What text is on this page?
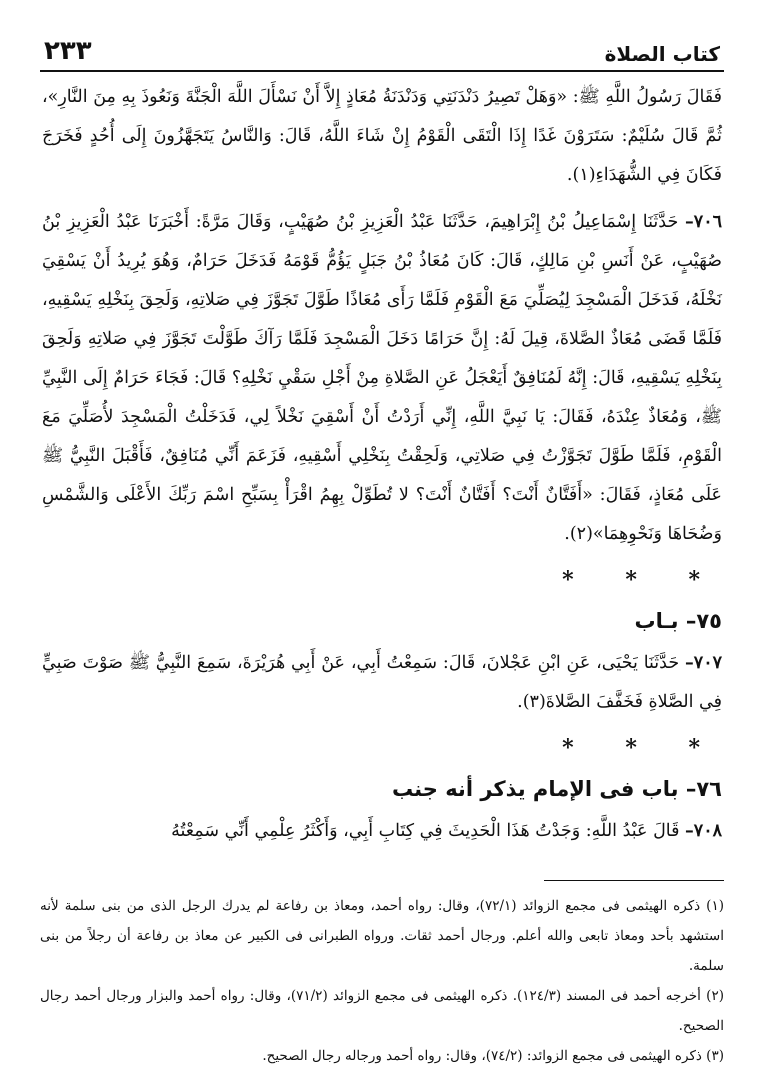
كتاب الصلاة
٢٣٣

فَقَالَ رَسُولُ اللَّهِ ﷺ: «وَهَلْ تَصِيرُ دَنْدَنَتِي وَدَنْدَنَةُ مُعَاذٍ إِلاَّ أَنْ نَسْأَلَ اللَّهَ الْجَنَّةَ وَنَعُوذَ بِهِ مِنَ النَّارِ»، ثُمَّ قَالَ سُلَيْمٌ: سَتَرَوْنَ غَدًا إِذَا الْتَقَى الْقَوْمُ إِنْ شَاءَ اللَّهُ، قَالَ: وَالنَّاسُ يَتَجَهَّزُونَ إِلَى أُحُدٍ فَخَرَجَ فَكَانَ فِي الشُّهَدَاءِ(١).

٧٠٦– حَدَّثَنَا إِسْمَاعِيلُ بْنُ إِبْرَاهِيمَ، حَدَّثَنَا عَبْدُ الْعَزِيزِ بْنُ صُهَيْبٍ، وَقَالَ مَرَّةً: أَخْبَرَنَا عَبْدُ الْعَزِيزِ بْنُ صُهَيْبٍ، عَنْ أَنَسِ بْنِ مَالِكٍ، قَالَ: كَانَ مُعَاذُ بْنُ جَبَلٍ يَؤُمُّ قَوْمَهُ فَدَخَلَ حَرَامٌ، وَهُوَ يُرِيدُ أَنْ يَسْقِيَ نَخْلَهُ، فَدَخَلَ الْمَسْجِدَ لِيُصَلِّيَ مَعَ الْقَوْمِ فَلَمَّا رَأَى مُعَاذًا طَوَّلَ تَجَوَّزَ فِي صَلاتِهِ، وَلَحِقَ بِنَخْلِهِ يَسْقِيهِ، فَلَمَّا قَضَى مُعَاذٌ الصَّلاةَ، قِيلَ لَهُ: إِنَّ حَرَامًا دَخَلَ الْمَسْجِدَ فَلَمَّا رَآكَ طَوَّلْتَ تَجَوَّزَ فِي صَلاتِهِ وَلَحِقَ بِنَخْلِهِ يَسْقِيهِ، قَالَ: إِنَّهُ لَمُنَافِقٌ أَيَعْجَلُ عَنِ الصَّلاةِ مِنْ أَجْلِ سَقْيِ نَخْلِهِ؟ قَالَ: فَجَاءَ حَرَامٌ إِلَى النَّبِيِّ ﷺ، وَمُعَاذٌ عِنْدَهُ، فَقَالَ: يَا نَبِيَّ اللَّهِ، إِنِّي أَرَدْتُ أَنْ أَسْقِيَ نَخْلاً لِي، فَدَخَلْتُ الْمَسْجِدَ لأُصَلِّيَ مَعَ الْقَوْمِ، فَلَمَّا طَوَّلَ تَجَوَّزْتُ فِي صَلاتِي، وَلَحِقْتُ بِنَخْلِي أَسْقِيهِ، فَزَعَمَ أَنِّي مُنَافِقٌ، فَأَقْبَلَ النَّبِيُّ ﷺ عَلَى مُعَاذٍ، فَقَالَ: «أَفَتَّانٌ أَنْتَ؟ أَفَتَّانٌ أَنْتَ؟ لا تُطَوِّلْ بِهِمُ اقْرَأْ بِسَبِّحِ اسْمَ رَبِّكَ الأَعْلَى وَالشَّمْسِ وَضُحَاهَا وَنَحْوِهِمَا»(٢).

* * *
٧٥– بـاب

٧٠٧– حَدَّثَنَا يَحْيَى، عَنِ ابْنِ عَجْلانَ، قَالَ: سَمِعْتُ أَبِي، عَنْ أَبِي هُرَيْرَةَ، سَمِعَ النَّبِيُّ ﷺ صَوْتَ صَبِيٍّ فِي الصَّلاةِ فَخَفَّفَ الصَّلاةَ(٣).

* * *
٧٦– باب فى الإمام يذكر أنه جنب

٧٠٨– قَالَ عَبْدُ اللَّهِ: وَجَدْتُ هَذَا الْحَدِيثَ فِي كِتَابِ أَبِي، وَأَكْثَرُ عِلْمِي أَنِّي سَمِعْتُهُ

(١) ذكره الهيثمى فى مجمع الزوائد (٧٢/١)، وقال: رواه أحمد، ومعاذ بن رفاعة لم يدرك الرجل الذى من بنى سلمة لأنه استشهد بأحد ومعاذ تابعى والله أعلم. ورجال أحمد ثقات. ورواه الطبرانى فى الكبير عن معاذ بن رفاعة أن رجلاً من بنى سلمة.

(٢) أخرجه أحمد فى المسند (١٢٤/٣). ذكره الهيثمى فى مجمع الزوائد (٧١/٢)، وقال: رواه أحمد والبزار ورجال أحمد رجال الصحيح.

(٣) ذكره الهيثمى فى مجمع الزوائد: (٧٤/٢)، وقال: رواه أحمد ورجاله رجال الصحيح.
